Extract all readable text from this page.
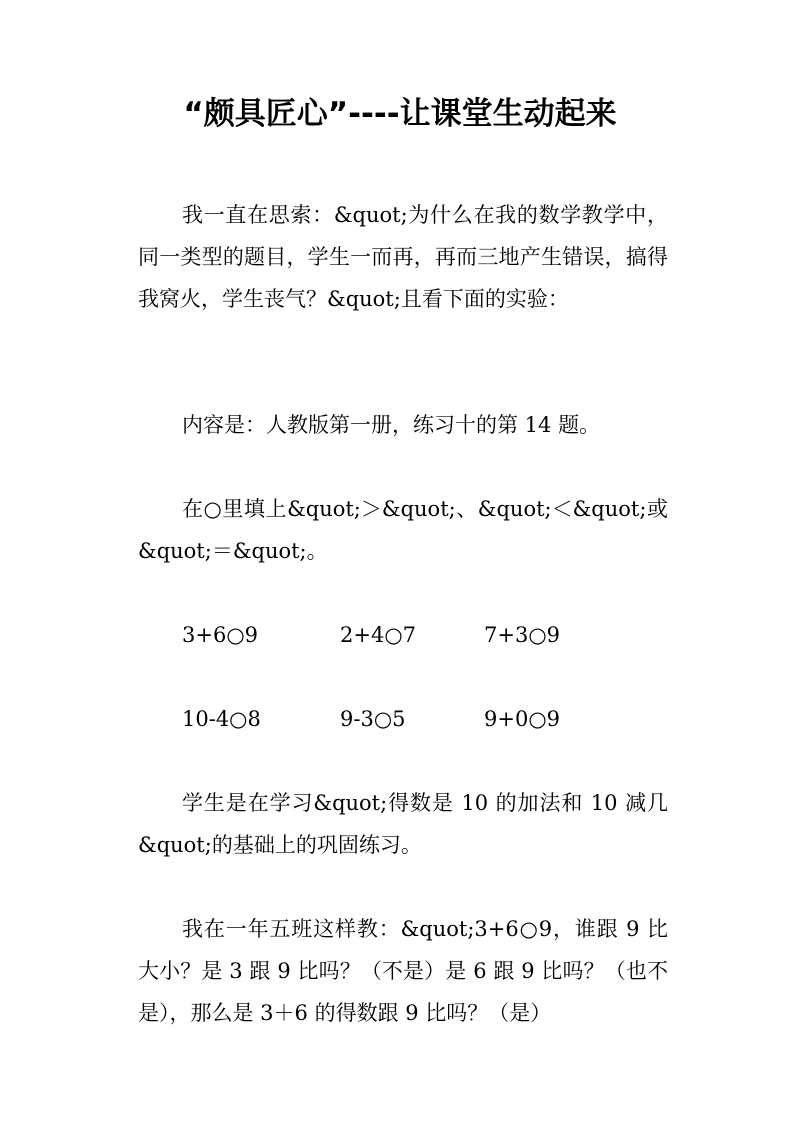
“颇具匠心”----让课堂生动起来

我一直在思索：&quot;为什么在我的数学教学中，同一类型的题目，学生一而再，再而三地产生错误，搞得我窝火，学生丧气？&quot;且看下面的实验：

内容是：人教版第一册，练习十的第 14 题。

在○里填上&quot;＞&quot;、&quot;＜&quot;或&quot;＝&quot;。

3+6○9	2+4○7	7+3○9
10-4○8	9-3○5	9+0○9

学生是在学习&quot;得数是 10 的加法和 10 减几&quot;的基础上的巩固练习。

我在一年五班这样教：&quot;3+6○9，谁跟 9 比大小？是 3 跟 9 比吗？（不是）是 6 跟 9 比吗？（也不是），那么是 3＋6 的得数跟 9 比吗？（是）
